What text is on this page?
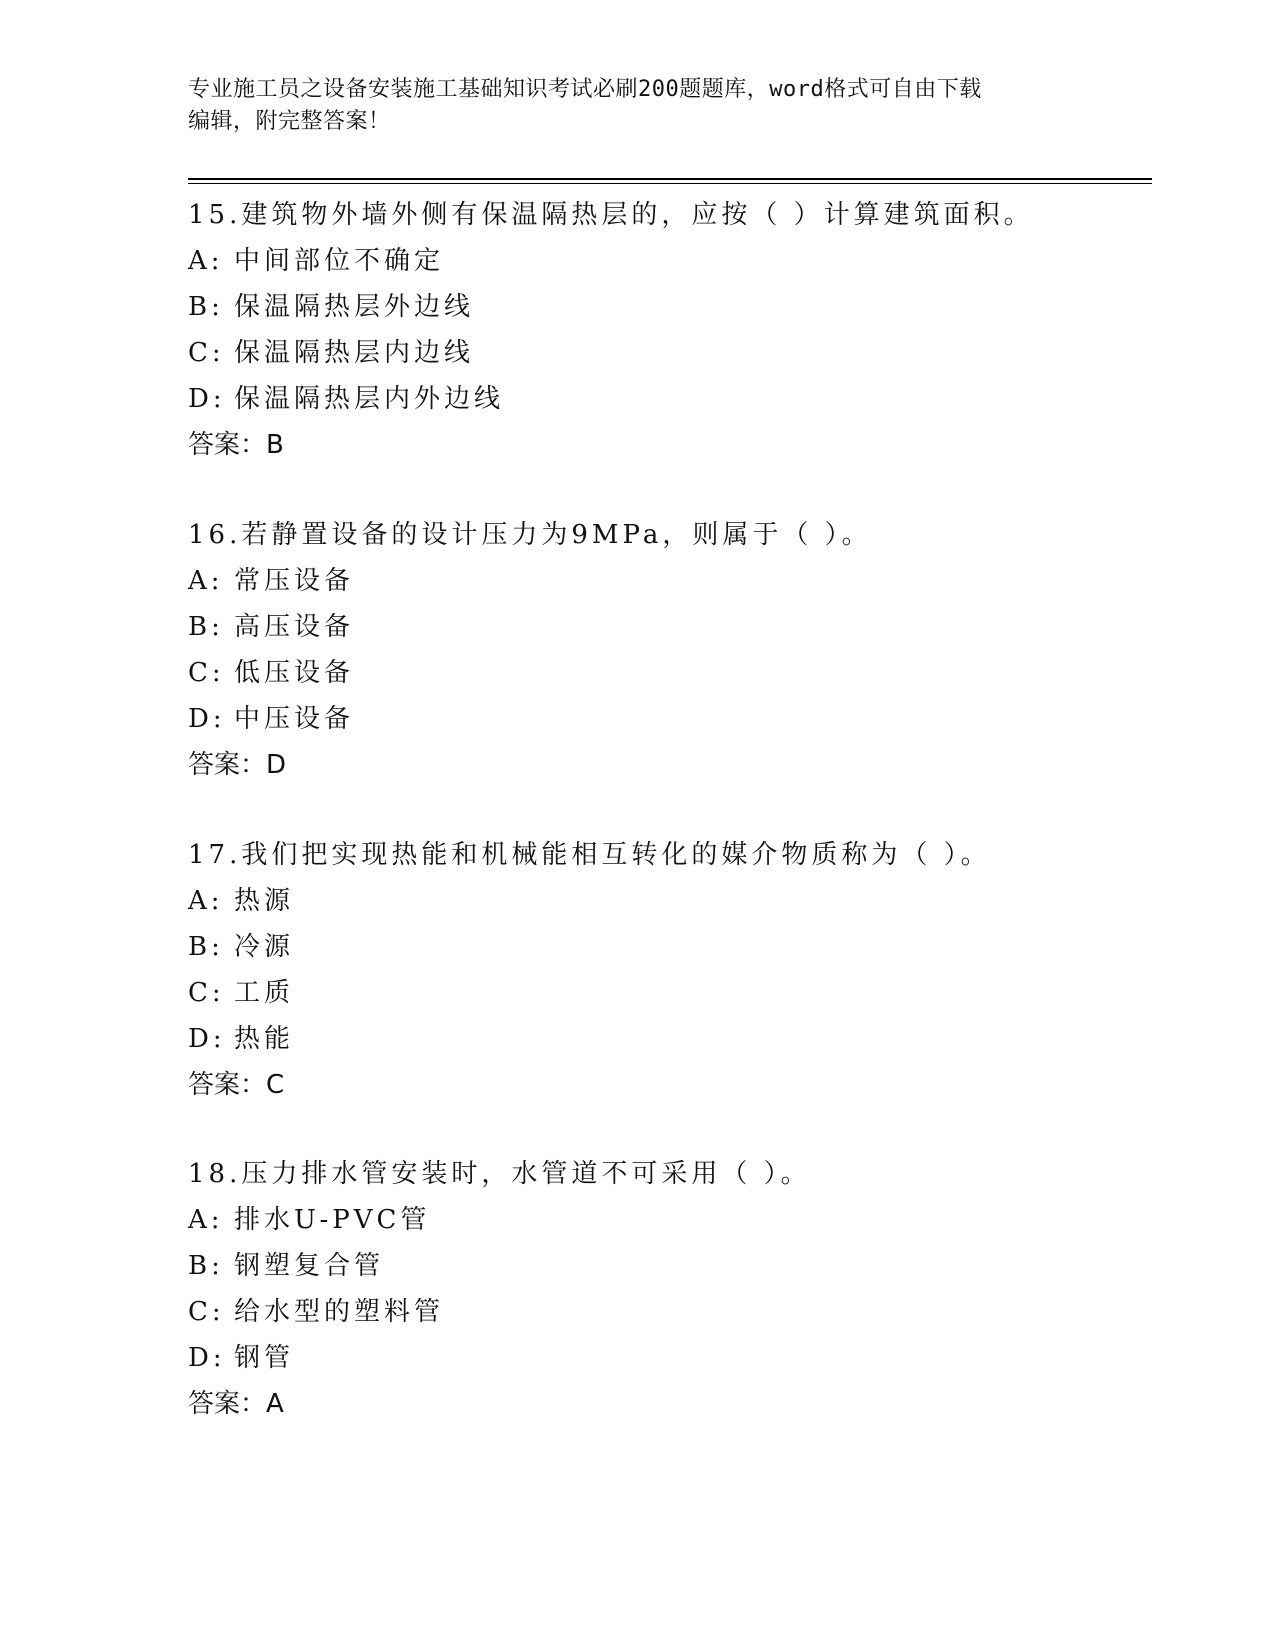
专业施工员之设备安装施工基础知识考试必刷200题题库，word格式可自由下载
编辑，附完整答案！
15.建筑物外墙外侧有保温隔热层的，应按（ ）计算建筑面积。
A: 中间部位不确定
B: 保温隔热层外边线
C: 保温隔热层内边线
D: 保温隔热层内外边线
答案：B
16.若静置设备的设计压力为9MPa，则属于（ ）。
A: 常压设备
B: 高压设备
C: 低压设备
D: 中压设备
答案：D
17.我们把实现热能和机械能相互转化的媒介物质称为（ ）。
A: 热源
B: 冷源
C: 工质
D: 热能
答案：C
18.压力排水管安装时，水管道不可采用（ ）。
A: 排水U-PVC管
B: 钢塑复合管
C: 给水型的塑料管
D: 钢管
答案：A
